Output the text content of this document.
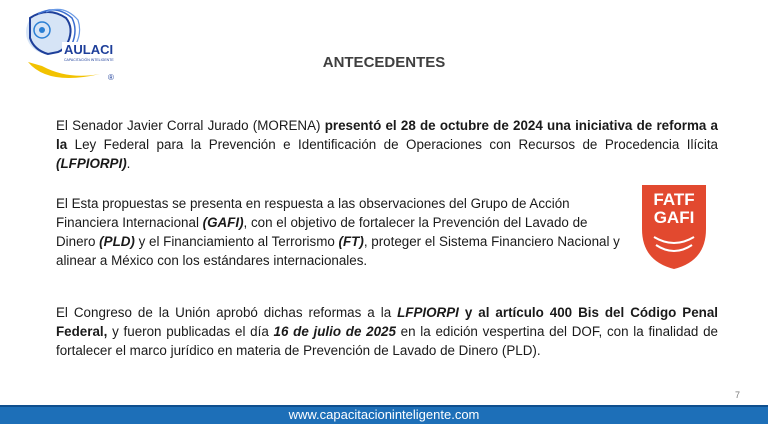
AULACI
CAPACITACIÓN INTELIGENTE
®
ANTECEDENTES
El Senador Javier Corral Jurado (MORENA) presentó el 28 de octubre de 2024 una iniciativa de reforma a la Ley Federal para la Prevención e Identificación de Operaciones con Recursos de Procedencia Ilícita (LFPIORPI).
El Esta propuestas se presenta en respuesta a las observaciones del Grupo de Acción Financiera Internacional (GAFI), con el objetivo de fortalecer la Prevención del Lavado de Dinero (PLD) y el Financiamiento al Terrorismo (FT), proteger el Sistema Financiero Nacional y alinear a México con los estándares internacionales.
FATF
GAFI
El Congreso de la Unión aprobó dichas reformas a la LFPIORPI y al artículo 400 Bis del Código Penal Federal, y fueron publicadas el día 16 de julio de 2025 en la edición vespertina del DOF, con la finalidad de fortalecer el marco jurídico en materia de Prevención de Lavado de Dinero (PLD).
7
www.capacitacioninteligente.com
